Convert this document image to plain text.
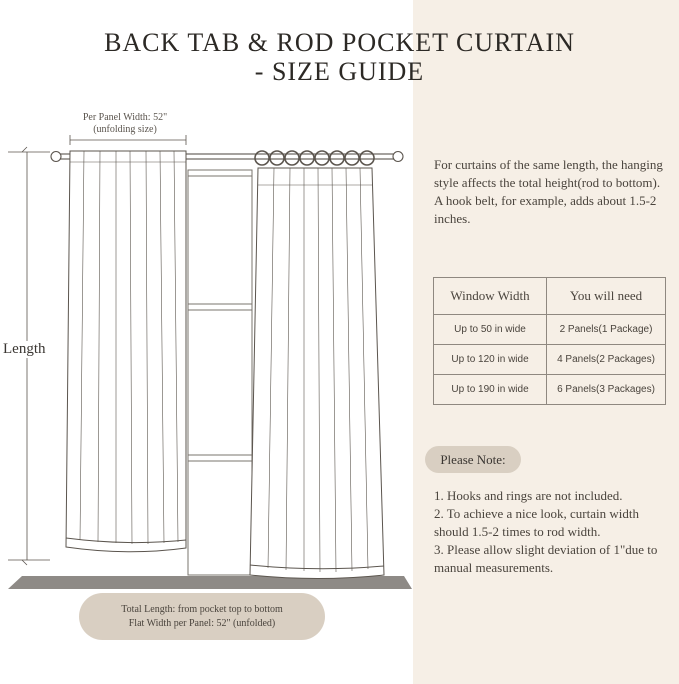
BACK TAB & ROD POCKET CURTAIN
- SIZE GUIDE
Per Panel Width: 52"
(unfolding size)
Length
Total Length: from pocket top to bottom
Flat Width per Panel: 52" (unfolded)
For curtains of the same length, the hanging style affects the total height(rod to bottom). A hook belt, for example, adds about 1.5-2 inches.
Window Width	You will need
Up to 50 in wide	2 Panels(1 Package)
Up to 120 in wide	4 Panels(2 Packages)
Up to 190 in wide	6 Panels(3 Packages)
Please Note:
1. Hooks and rings are not included.
2. To achieve a nice look, curtain width should 1.5-2 times to rod width.
3. Please allow slight deviation of 1"due to manual measurements.
